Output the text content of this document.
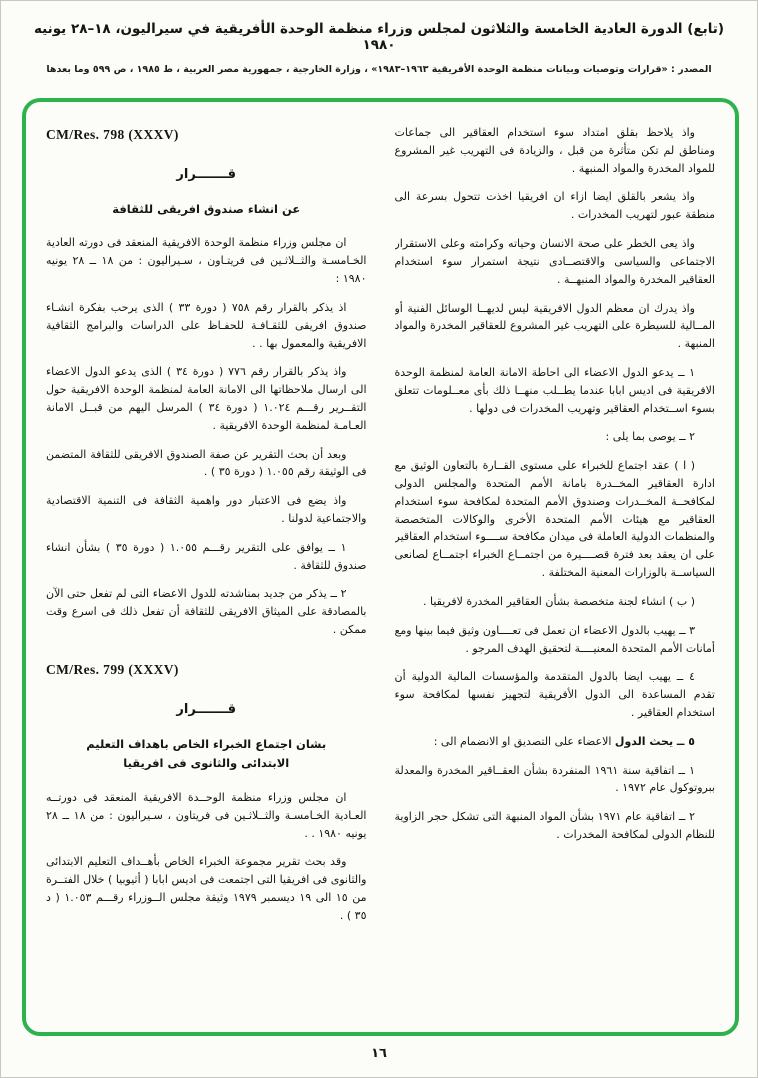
(تابع) الدورة العادية الخامسة والثلاثون لمجلس وزراء منظمة الوحدة الأفريقية في سيراليون، ١٨–٢٨ يونيه ١٩٨٠
المصدر : «قرارات وتوصيات وبيانات منظمة الوحدة الأفريقية ١٩٦٣–١٩٨٣» ، وزارة الخارجية ، جمهورية مصر العربية ، ط ١٩٨٥ ، ص ٥٩٩ وما بعدها
CM/Res. 798 (XXXV)
قـــــــرار
عن انشاء صندوق افريقى للثقافة

ان مجلس وزراء منظمة الوحدة الافريقية المنعقد فى دورته العادية الخـامسـة والثــلاثـين فى فريتـاون ، سـيراليون : من ١٨ ــ ٢٨ يونيه ١٩٨٠ :

اذ يذكر بالقرار رقم ٧٥٨ ( دورة ٣٣ ) الذى يرحب بفكرة انشـاء صندوق افريقى للثقـافـة للحفـاظ على الدراسات والبرامج الثقافية الافريقية والمعمول بها . .

واذ يذكر بالقرار رقم ٧٧٦ ( دورة ٣٤ ) الذى يدعو الدول الاعضاء الى ارسال ملاحظاتها الى الامانة العامة لمنظمة الوحدة الافريقية حول التقــرير رقـــم ١.٠٢٤ ( دورة ٣٤ ) المرسل اليهم من قبــل الامانة العـامـة لمنظمة الوحدة الافريقية .

وبعد أن بحث التقرير عن صفة الصندوق الافريقى للثقافة المتضمن فى الوثيقة رقم ١.٠٥٥ ( دورة ٣٥ ) .

واذ يضع فى الاعتبار دور واهمية الثقافة فى التنمية الاقتصادية والاجتماعية لدولنا .

١ ــ يوافق على التقرير رقـــم ١.٠٥٥ ( دورة ٣٥ ) بشأن انشاء صندوق للثقافة .

٢ ــ يذكر من جديد بمناشدته للدول الاعضاء التى لم تفعل حتى الآن بالمصادقة على الميثاق الافريقى للثقافة أن تفعل ذلك فى اسرع وقت ممكن .

CM/Res. 799 (XXXV)
قـــــــرار
بشان اجتماع الخبراء الخاص باهداف التعليم
الابتدائى والثانوى فى افريقيا

ان مجلس وزراء منظمة الوحــدة الافريقية المنعقد فى دورتــه العـادية الخـامسـة والثــلاثـين فى فريتاون ، سـيراليون : من ١٨ ــ ٢٨ يونيه ١٩٨٠ . .

وقد بحث تقرير مجموعة الخبراء الخاص بأهــداف التعليم الابتدائى والثانوى فى افريقيا التى اجتمعت فى اديس ابابا ( أثيوبيا ) خلال الفتــرة من ١٥ الى ١٩ ديسمبر ١٩٧٩ وثيقة مجلس الــوزراء رقـــم ١.٠٥٣ ( د ٣٥ ) .

واذ يلاحظ بقلق امتداد سوء استخدام العقاقير الى جماعات ومناطق لم تكن متأثرة من قبل ، والزيادة فى التهريب غير المشروع للمواد المخدرة والمواد المنبهة .

واذ يشعر بالقلق ايضا ازاء ان افريقيا اخذت تتحول بسرعة الى منطقة عبور لتهريب المخدرات .

واذ يعى الخطر على صحة الانسان وحياته وكرامته وعلى الاستقرار الاجتماعى والسياسى والاقتصــادى نتيجة استمرار سوء استخدام العقاقير المخدرة والمواد المنبهــة .

واذ يدرك ان معظم الدول الافريقية ليس لديهــا الوسائل الفنية أو المــالية للسيطرة على التهريب غير المشروع للعقاقير المخدرة والمواد المنبهة .

١ ــ يدعو الدول الاعضاء الى احاطة الامانة العامة لمنظمة الوحدة الافريقية فى اديس ابابا عندما يطــلب منهــا ذلك بأى معــلومات تتعلق بسوء اســتخدام العقاقير وتهريب المخدرات فى دولها .

٢ ــ يوصى بما يلى :

( ا ) عقد اجتماع للخبراء على مستوى القــارة بالتعاون الوثيق مع ادارة العقاقير المخــدرة بامانة الأمم المتحدة والمجلس الدولى لمكافحــة المخــدرات وصندوق الأمم المتحدة لمكافحة سوء استخدام العقاقير مع هيئات الأمم المتحدة الأخرى والوكالات المتخصصة والمنظمات الدولية العاملة فى ميدان مكافحة ســــوء استخدام العقاقير على ان يعقد بعد فترة قصــــيرة من اجتمــاع الخبراء اجتمــاع لصانعى السياســة بالوزارات المعنية المختلفة .

( ب ) انشاء لجنة متخصصة بشأن العقاقير المخدرة لافريقيا .

٣ ــ يهيب بالدول الاعضاء ان تعمل فى تعــــاون وثيق فيما بينها ومع أمانات الأمم المتحدة المعنيــــة لتحقيق الهدف المرجو .

٤ ــ يهيب ايضا بالدول المتقدمة والمؤسسات المالية الدولية أن تقدم المساعدة الى الدول الأفريقية لتجهيز نفسها لمكافحة سوء استخدام العقاقير .

٥ ــ يحث الدول الاعضاء على التصديق او الانضمام الى :

١ ــ اتفاقية سنة ١٩٦١ المنفردة بشأن العقــاقير المخدرة والمعدلة ببروتوكول عام ١٩٧٢ .

٢ ــ اتفاقية عام ١٩٧١ بشأن المواد المنبهة التى تشكل حجر الزاوية للنظام الدولى لمكافحة المخدرات .

١٦
